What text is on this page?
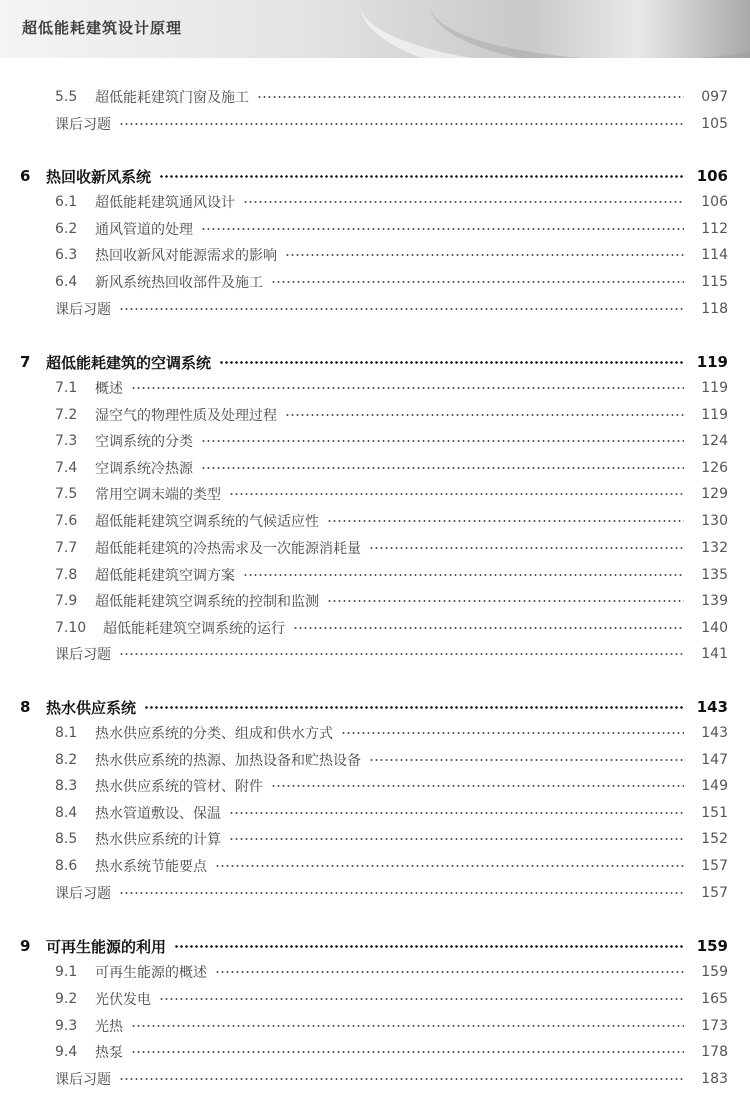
超低能耗建筑设计原理
5.5	超低能耗建筑门窗及施工	097
课后习题	105
6	热回收新风系统	106
6.1	超低能耗建筑通风设计	106
6.2	通风管道的处理	112
6.3	热回收新风对能源需求的影响	114
6.4	新风系统热回收部件及施工	115
课后习题	118
7	超低能耗建筑的空调系统	119
7.1	概述	119
7.2	湿空气的物理性质及处理过程	119
7.3	空调系统的分类	124
7.4	空调系统冷热源	126
7.5	常用空调末端的类型	129
7.6	超低能耗建筑空调系统的气候适应性	130
7.7	超低能耗建筑的冷热需求及一次能源消耗量	132
7.8	超低能耗建筑空调方案	135
7.9	超低能耗建筑空调系统的控制和监测	139
7.10	超低能耗建筑空调系统的运行	140
课后习题	141
8	热水供应系统	143
8.1	热水供应系统的分类、组成和供水方式	143
8.2	热水供应系统的热源、加热设备和贮热设备	147
8.3	热水供应系统的管材、附件	149
8.4	热水管道敷设、保温	151
8.5	热水供应系统的计算	152
8.6	热水系统节能要点	157
课后习题	157
9	可再生能源的利用	159
9.1	可再生能源的概述	159
9.2	光伏发电	165
9.3	光热	173
9.4	热泵	178
课后习题	183
